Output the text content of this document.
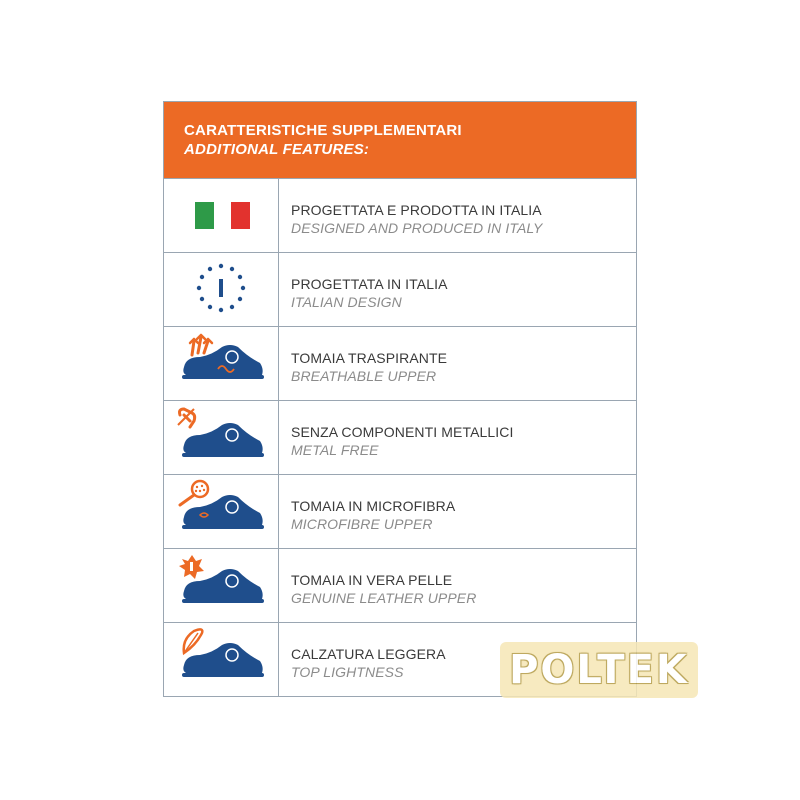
CARATTERISTICHE SUPPLEMENTARI
ADDITIONAL FEATURES:
PROGETTATA E PRODOTTA IN ITALIA
DESIGNED AND PRODUCED IN ITALY
PROGETTATA IN ITALIA
ITALIAN DESIGN
TOMAIA TRASPIRANTE
BREATHABLE UPPER
SENZA COMPONENTI METALLICI
METAL FREE
TOMAIA IN MICROFIBRA
MICROFIBRE UPPER
TOMAIA IN VERA PELLE
GENUINE LEATHER UPPER
CALZATURA LEGGERA
TOP LIGHTNESS	POLTEK
